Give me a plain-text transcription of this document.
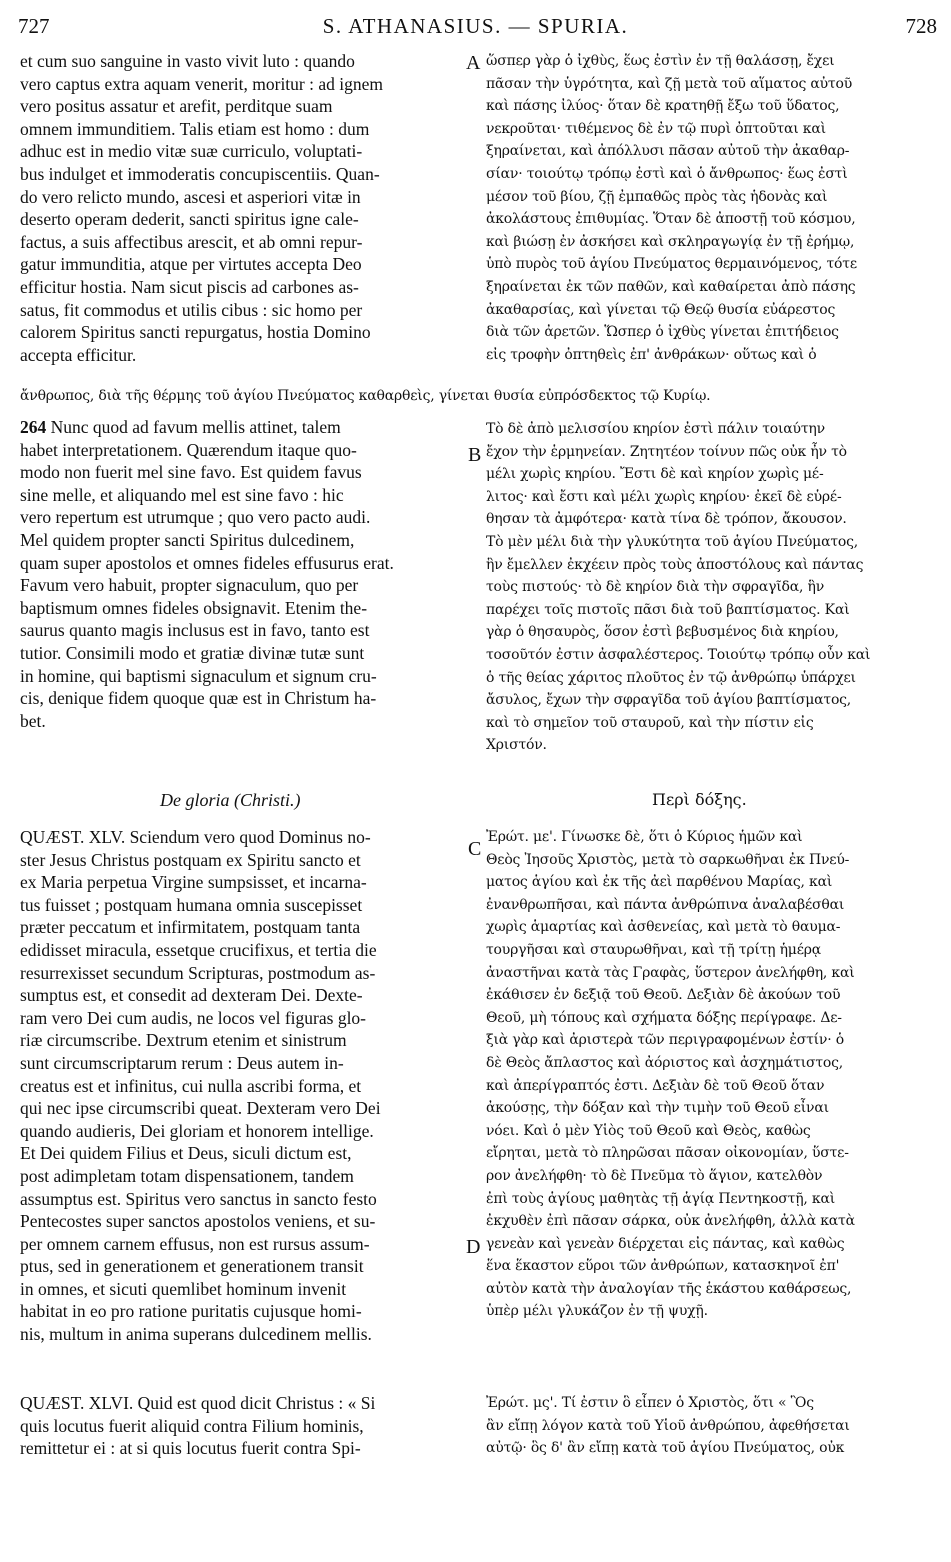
727	S. ATHANASIUS. — SPURIA.	728
A
B
C
D
et cum suo sanguine in vasto vivit luto : quando
vero captus extra aquam venerit, moritur : ad ignem
vero positus assatur et arefit, perditque suam
omnem immunditiem. Talis etiam est homo : dum
adhuc est in medio vitæ suæ curriculo, voluptati-
bus indulget et immoderatis concupiscentiis. Quan-
do vero relicto mundo, ascesi et asperiori vitæ in
deserto operam dederit, sancti spiritus igne cale-
factus, a suis affectibus arescit, et ab omni repur-
gatur immunditia, atque per virtutes accepta Deo
efficitur hostia. Nam sicut piscis ad carbones as-
satus, fit commodus et utilis cibus : sic homo per
calorem Spiritus sancti repurgatus, hostia Domino
accepta efficitur.
ὥσπερ γὰρ ὁ ἰχθὺς, ἕως ἐστὶν ἐν τῇ θαλάσσῃ, ἔχει
πᾶσαν τὴν ὑγρότητα, καὶ ζῇ μετὰ τοῦ αἵματος αὐτοῦ
καὶ πάσης ἰλύος· ὅταν δὲ κρατηθῇ ἔξω τοῦ ὕδατος,
νεκροῦται· τιθέμενος δὲ ἐν τῷ πυρὶ ὀπτοῦται καὶ
ξηραίνεται, καὶ ἀπόλλυσι πᾶσαν αὐτοῦ τὴν ἀκαθαρ-
σίαν· τοιούτῳ τρόπῳ ἐστὶ καὶ ὁ ἄνθρωπος· ἕως ἐστὶ
μέσον τοῦ βίου, ζῇ ἐμπαθῶς πρὸς τὰς ἡδονὰς καὶ
ἀκολάστους ἐπιθυμίας. Ὅταν δὲ ἀποστῇ τοῦ κόσμου,
καὶ βιώσῃ ἐν ἀσκήσει καὶ σκληραγωγίᾳ ἐν τῇ ἐρήμῳ,
ὑπὸ πυρὸς τοῦ ἁγίου Πνεύματος θερμαινόμενος, τότε
ξηραίνεται ἐκ τῶν παθῶν, καὶ καθαίρεται ἀπὸ πάσης
ἀκαθαρσίας, καὶ γίνεται τῷ Θεῷ θυσία εὐάρεστος
διὰ τῶν ἀρετῶν. Ὥσπερ ὁ ἰχθὺς γίνεται ἐπιτήδειος
εἰς τροφὴν ὀπτηθεὶς ἐπ' ἀνθράκων· οὕτως καὶ ὁ
ἄνθρωπος, διὰ τῆς θέρμης τοῦ ἁγίου Πνεύματος καθαρθεὶς, γίνεται θυσία εὐπρόσδεκτος τῷ Κυρίῳ.
264 Nunc quod ad favum mellis attinet, talem
habet interpretationem. Quærendum itaque quo-
modo non fuerit mel sine favo. Est quidem favus
sine melle, et aliquando mel est sine favo : hic
vero repertum est utrumque ; quo vero pacto audi.
Mel quidem propter sancti Spiritus dulcedinem,
quam super apostolos et omnes fideles effusurus erat.
Favum vero habuit, propter signaculum, quo per
baptismum omnes fideles obsignavit. Etenim the-
saurus quanto magis inclusus est in favo, tanto est
tutior. Consimili modo et gratiæ divinæ tutæ sunt
in homine, qui baptismi signaculum et signum cru-
cis, denique fidem quoque quæ est in Christum ha-
bet.
Τὸ δὲ ἀπὸ μελισσίου κηρίον ἐστὶ πάλιν τοιαύτην
ἔχον τὴν ἑρμηνείαν. Ζητητέον τοίνυν πῶς οὐκ ἦν τὸ
μέλι χωρὶς κηρίου. Ἔστι δὲ καὶ κηρίον χωρὶς μέ-
λιτος· καὶ ἔστι καὶ μέλι χωρὶς κηρίου· ἐκεῖ δὲ εὑρέ-
θησαν τὰ ἀμφότερα· κατὰ τίνα δὲ τρόπον, ἄκουσον.
Τὸ μὲν μέλι διὰ τὴν γλυκύτητα τοῦ ἁγίου Πνεύματος,
ἣν ἔμελλεν ἐκχέειν πρὸς τοὺς ἀποστόλους καὶ πάντας
τοὺς πιστούς· τὸ δὲ κηρίον διὰ τὴν σφραγῖδα, ἣν
παρέχει τοῖς πιστοῖς πᾶσι διὰ τοῦ βαπτίσματος. Καὶ
γὰρ ὁ θησαυρὸς, ὅσον ἐστὶ βεβυσμένος διὰ κηρίου,
τοσοῦτόν ἐστιν ἀσφαλέστερος. Τοιούτῳ τρόπῳ οὖν καὶ
ὁ τῆς θείας χάριτος πλοῦτος ἐν τῷ ἀνθρώπῳ ὑπάρχει
ἄσυλος, ἔχων τὴν σφραγῖδα τοῦ ἁγίου βαπτίσματος,
καὶ τὸ σημεῖον τοῦ σταυροῦ, καὶ τὴν πίστιν εἰς
Χριστόν.
De gloria (Christi.)	Περὶ δόξης.
QUÆST. XLV. Sciendum vero quod Dominus no-
ster Jesus Christus postquam ex Spiritu sancto et
ex Maria perpetua Virgine sumpsisset, et incarna-
tus fuisset ; postquam humana omnia suscepisset
præter peccatum et infirmitatem, postquam tanta
edidisset miracula, essetque crucifixus, et tertia die
resurrexisset secundum Scripturas, postmodum as-
sumptus est, et consedit ad dexteram Dei. Dexte-
ram vero Dei cum audis, ne locos vel figuras glo-
riæ circumscribe. Dextrum etenim et sinistrum
sunt circumscriptarum rerum : Deus autem in-
creatus est et infinitus, cui nulla ascribi forma, et
qui nec ipse circumscribi queat. Dexteram vero Dei
quando audieris, Dei gloriam et honorem intellige.
Et Dei quidem Filius et Deus, siculi dictum est,
post adimpletam totam dispensationem, tandem
assumptus est. Spiritus vero sanctus in sancto festo
Pentecostes super sanctos apostolos veniens, et su-
per omnem carnem effusus, non est rursus assum-
ptus, sed in generationem et generationem transit
in omnes, et sicuti quemlibet hominum invenit
habitat in eo pro ratione puritatis cujusque homi-
nis, multum in anima superans dulcedinem mellis.
Ἐρώτ. με'. Γίνωσκε δὲ, ὅτι ὁ Κύριος ἡμῶν καὶ
Θεὸς Ἰησοῦς Χριστὸς, μετὰ τὸ σαρκωθῆναι ἐκ Πνεύ-
ματος ἁγίου καὶ ἐκ τῆς ἀεὶ παρθένου Μαρίας, καὶ
ἐνανθρωπῆσαι, καὶ πάντα ἀνθρώπινα ἀναλαβέσθαι
χωρὶς ἁμαρτίας καὶ ἀσθενείας, καὶ μετὰ τὸ θαυμα-
τουργῆσαι καὶ σταυρωθῆναι, καὶ τῇ τρίτῃ ἡμέρᾳ
ἀναστῆναι κατὰ τὰς Γραφὰς, ὕστερον ἀνελήφθη, καὶ
ἐκάθισεν ἐν δεξιᾷ τοῦ Θεοῦ. Δεξιὰν δὲ ἀκούων τοῦ
Θεοῦ, μὴ τόπους καὶ σχήματα δόξης περίγραφε. Δε-
ξιὰ γὰρ καὶ ἀριστερὰ τῶν περιγραφομένων ἐστίν· ὁ
δὲ Θεὸς ἄπλαστος καὶ ἀόριστος καὶ ἀσχημάτιστος,
καὶ ἀπερίγραπτός ἐστι. Δεξιὰν δὲ τοῦ Θεοῦ ὅταν
ἀκούσῃς, τὴν δόξαν καὶ τὴν τιμὴν τοῦ Θεοῦ εἶναι
νόει. Καὶ ὁ μὲν Υἱὸς τοῦ Θεοῦ καὶ Θεὸς, καθὼς
εἴρηται, μετὰ τὸ πληρῶσαι πᾶσαν οἰκονομίαν, ὕστε-
ρον ἀνελήφθη· τὸ δὲ Πνεῦμα τὸ ἅγιον, κατελθὸν
ἐπὶ τοὺς ἁγίους μαθητὰς τῇ ἁγίᾳ Πεντηκοστῇ, καὶ
ἐκχυθὲν ἐπὶ πᾶσαν σάρκα, οὐκ ἀνελήφθη, ἀλλὰ κατὰ
γενεὰν καὶ γενεὰν διέρχεται εἰς πάντας, καὶ καθὼς
ἕνα ἕκαστον εὕροι τῶν ἀνθρώπων, κατασκηνοῖ ἐπ'
αὐτὸν κατὰ τὴν ἀναλογίαν τῆς ἑκάστου καθάρσεως,
ὑπὲρ μέλι γλυκάζον ἐν τῇ ψυχῇ.
QUÆST. XLVI. Quid est quod dicit Christus : « Si
quis locutus fuerit aliquid contra Filium hominis,
remittetur ei : at si quis locutus fuerit contra Spi-
Ἐρώτ. μς'. Τί ἐστιν ὃ εἶπεν ὁ Χριστὸς, ὅτι « Ὃς
ἂν εἴπῃ λόγον κατὰ τοῦ Υἱοῦ ἀνθρώπου, ἀφεθήσεται
αὐτῷ· ὃς δ' ἂν εἴπῃ κατὰ τοῦ ἁγίου Πνεύματος, οὐκ
